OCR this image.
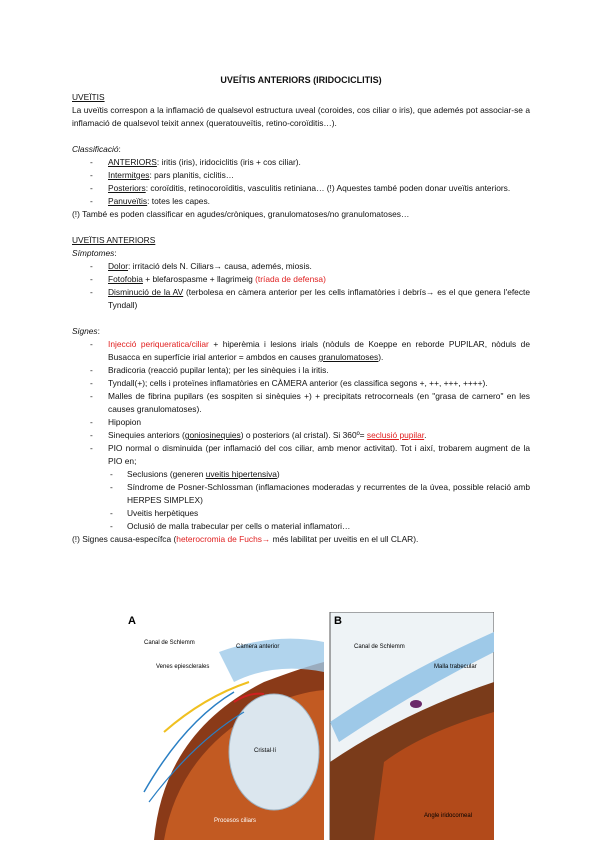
UVEÍTIS ANTERIORS (IRIDOCICLITIS)
UVEÏTIS

La uveïtis correspon a la inflamació de qualsevol estructura uveal (coroides, cos ciliar o iris), que ademés pot associar-se a inflamació de qualsevol teixit annex (queratouveïtis, retino-coroïditis…).

Classificació:
- ANTERIORS: iritis (iris), iridociclitis (iris + cos ciliar).
- Intermitges: pars planitis, ciclitis…
- Posteriors: coroïditis, retinocoroïditis, vasculitis retiniana… (!) Aquestes també poden donar uveïtis anteriors.
- Panuveïtis: totes les capes.

(!) També es poden classificar en agudes/cròniques, granulomatoses/no granulomatoses…

UVEÏTIS ANTERIORS
Símptomes:
- Dolor: irritació dels N. Ciliars→ causa, ademés, miosis.
- Fotofobia + blefarospasme + llagrimeig (tríada de defensa)
- Disminució de la AV (terbolesa en càmera anterior per les cells inflamatòries i debrís→ es el que genera l'efecte Tyndall)
Signes:
- Injecció periqueratica/ciliar + hiperèmia i lesions irials (nòduls de Koeppe en reborde PUPILAR, nòduls de Busacca en superfície irial anterior = ambdos en causes granulomatoses).
- Bradicoria (reacció pupilar lenta); per les sinèquies i la iritis.
- Tyndall(+); cells i proteïnes inflamatòries en CÀMERA anterior (es classifica segons +, ++, +++, ++++).
- Malles de fibrina pupilars (es sospiten si sinèquies +) + precipitats retrocorneals (en "grasa de carnero" en les causes granulomatoses).
- Hipopion
- Sinequies anteriors (goniosinequies) o posteriors (al cristal). Si 360º= seclusió pupilar.
- PIO normal o disminuida (per inflamació del cos ciliar, amb menor activitat). Tot i així, trobarem augment de la PIO en;
- Seclusions (generen uveitis hipertensiva)
- Síndrome de Posner-Schlossman (inflamaciones moderadas y recurrentes de la úvea, possible relació amb HERPES SIMPLEX)
- Uveitis herpètiques
- Oclusió de malla trabecular per cells o material inflamatori…

(!) Signes causa-específca (heterocromia de Fuchs→ més labilitat per uveitis en el ull CLAR).

A
Canal de Schlemm
Càmera anterior
Venes epiesclerales
Cristal·lí
Procesos ciliars
B
Canal de Schlemm
Malla trabecular
Angle iridocorneal
